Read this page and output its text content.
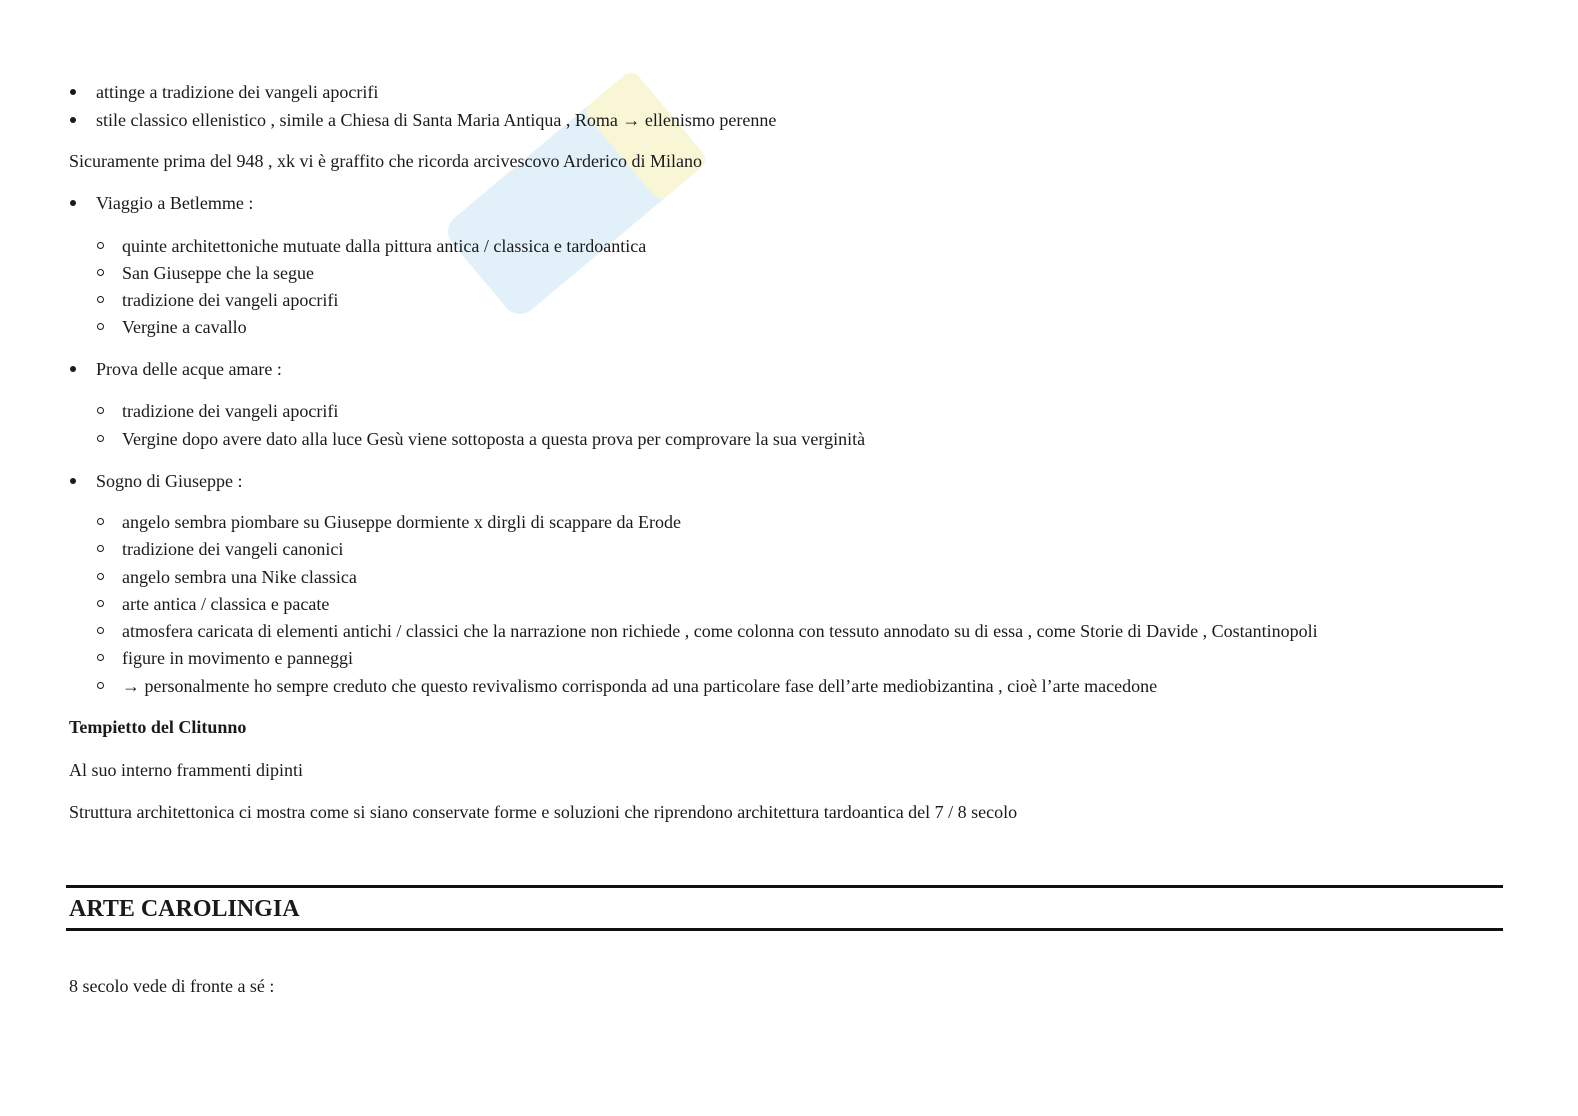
attinge a tradizione dei vangeli apocrifi
stile classico ellenistico , simile a Chiesa di Santa Maria Antiqua , Roma → ellenismo perenne
Sicuramente prima del 948 , xk vi è graffito che ricorda arcivescovo Arderico di Milano
Viaggio a Betlemme :
quinte architettoniche mutuate dalla pittura antica / classica e tardoantica
San Giuseppe che la segue
tradizione dei vangeli apocrifi
Vergine a cavallo
Prova delle acque amare :
tradizione dei vangeli apocrifi
Vergine dopo avere dato alla luce Gesù viene sottoposta a questa prova per comprovare la sua verginità
Sogno di Giuseppe :
angelo sembra piombare su Giuseppe dormiente x dirgli di scappare da Erode
tradizione dei vangeli canonici
angelo sembra una Nike classica
arte antica / classica e pacate
atmosfera caricata di elementi antichi / classici che la narrazione non richiede , come colonna con tessuto annodato su di essa , come Storie di Davide , Costantinopoli
figure in movimento e panneggi
→ personalmente ho sempre creduto che questo revivalismo corrisponda ad una particolare fase dell’arte mediobizantina , cioè l’arte macedone
Tempietto del Clitunno
Al suo interno frammenti dipinti
Struttura architettonica ci mostra come si siano conservate forme e soluzioni che riprendono architettura tardoantica del 7 / 8 secolo
ARTE CAROLINGIA
8 secolo vede di fronte a sé :
